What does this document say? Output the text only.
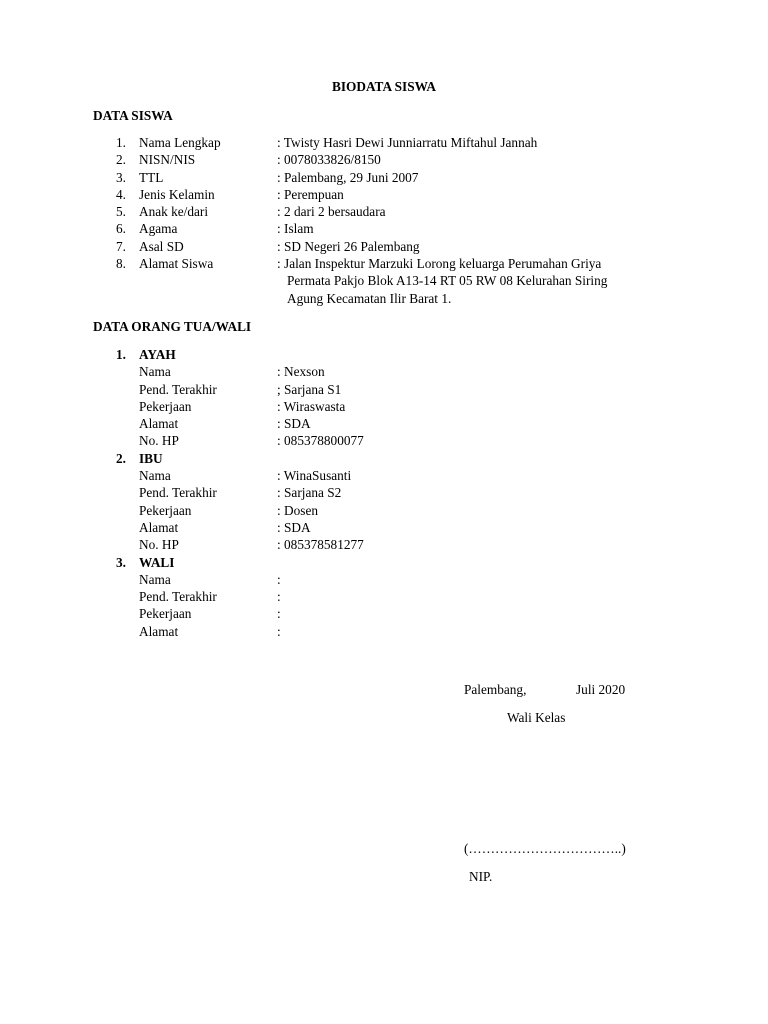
BIODATA SISWA
DATA SISWA
1. Nama Lengkap	: Twisty Hasri Dewi Junniarratu Miftahul Jannah
2. NISN/NIS	: 0078033826/8150
3. TTL	: Palembang, 29 Juni 2007
4. Jenis Kelamin	: Perempuan
5. Anak ke/dari	: 2 dari 2 bersaudara
6. Agama	: Islam
7. Asal SD	: SD Negeri 26 Palembang
8. Alamat Siswa	: Jalan Inspektur Marzuki Lorong keluarga Perumahan Griya
Permata Pakjo Blok A13-14 RT 05 RW 08 Kelurahan Siring
Agung Kecamatan Ilir Barat 1.
DATA ORANG TUA/WALI
1. AYAH
Nama	: Nexson
Pend. Terakhir	; Sarjana S1
Pekerjaan	: Wiraswasta
Alamat	: SDA
No. HP	: 085378800077
2. IBU
Nama	: WinaSusanti
Pend. Terakhir	: Sarjana S2
Pekerjaan	: Dosen
Alamat	: SDA
No. HP	: 085378581277
3. WALI
Nama	:
Pend. Terakhir	:
Pekerjaan	:
Alamat	:
Palembang,	Juli 2020
Wali Kelas
(……………………………..)
NIP.
